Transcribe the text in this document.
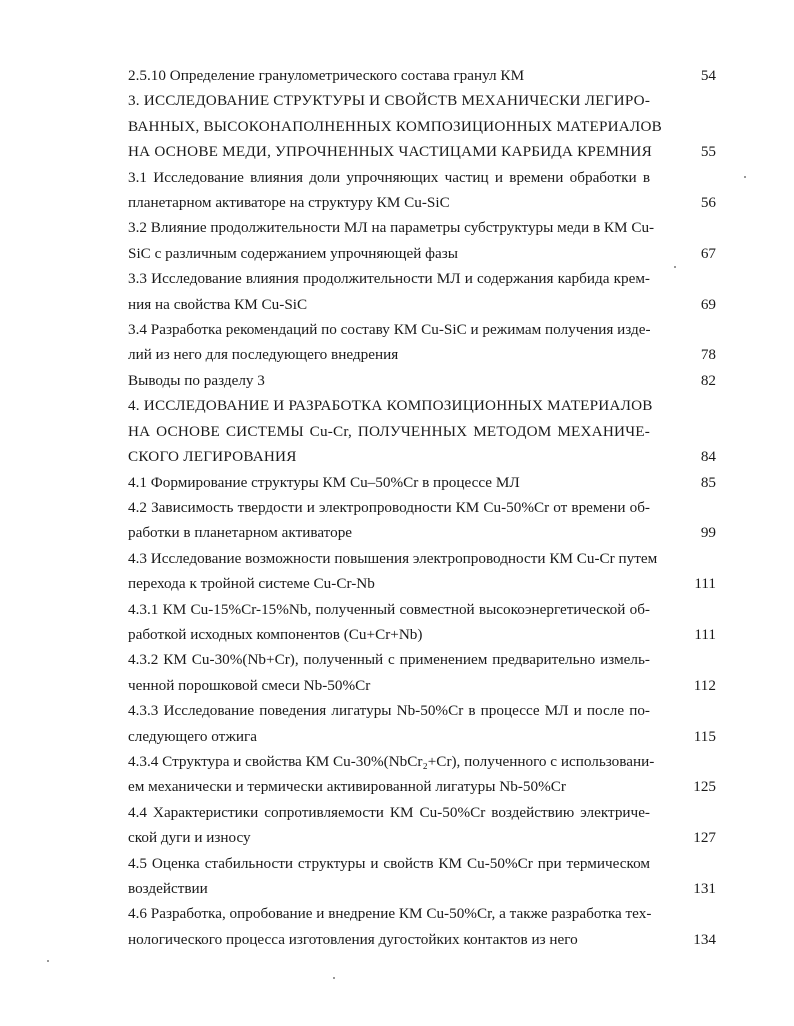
2.5.10 Определение гранулометрического состава гранул КМ	54
3. ИССЛЕДОВАНИЕ СТРУКТУРЫ И СВОЙСТВ МЕХАНИЧЕСКИ ЛЕГИРО-
ВАННЫХ, ВЫСОКОНАПОЛНЕННЫХ КОМПОЗИЦИОННЫХ МАТЕРИАЛОВ
НА ОСНОВЕ МЕДИ, УПРОЧНЕННЫХ ЧАСТИЦАМИ КАРБИДА КРЕМНИЯ	55
3.1 Исследование влияния доли упрочняющих частиц и времени обработки в
планетарном активаторе на структуру КМ Cu-SiC	56
3.2 Влияние продолжительности МЛ на параметры субструктуры меди в КМ Cu-
SiC с различным содержанием упрочняющей фазы	67
3.3 Исследование влияния продолжительности МЛ и содержания карбида крем-
ния на свойства КМ Cu-SiC	69
3.4 Разработка рекомендаций по составу КМ Cu-SiC и режимам получения изде-
лий из него для последующего внедрения	78
Выводы по разделу 3	82
4. ИССЛЕДОВАНИЕ И РАЗРАБОТКА КОМПОЗИЦИОННЫХ МАТЕРИАЛОВ
НА ОСНОВЕ СИСТЕМЫ Cu-Cr, ПОЛУЧЕННЫХ МЕТОДОМ МЕХАНИЧЕ-
СКОГО ЛЕГИРОВАНИЯ	84
4.1 Формирование структуры КМ Cu–50%Cr в процессе МЛ	85
4.2 Зависимость твердости и электропроводности КМ Cu-50%Cr от времени об-
работки в планетарном активаторе	99
4.3 Исследование возможности повышения электропроводности КМ Cu-Cr путем
перехода к тройной системе Cu-Cr-Nb	111
4.3.1 КМ Cu-15%Cr-15%Nb, полученный совместной высокоэнергетической об-
работкой исходных компонентов (Cu+Cr+Nb)	111
4.3.2 КМ Cu-30%(Nb+Cr), полученный с применением предварительно измель-
ченной порошковой смеси Nb-50%Cr	112
4.3.3 Исследование поведения лигатуры Nb-50%Cr в процессе МЛ и после по-
следующего отжига	115
4.3.4 Структура и свойства КМ Cu-30%(NbCr₂+Cr), полученного с использовани-
ем механически и термически активированной лигатуры Nb-50%Cr	125
4.4 Характеристики сопротивляемости КМ Cu-50%Cr воздействию электриче-
ской дуги и износу	127
4.5 Оценка стабильности структуры и свойств КМ Cu-50%Cr при термическом
воздействии	131
4.6 Разработка, опробование и внедрение КМ Cu-50%Cr, а также разработка тех-
нологического процесса изготовления дугостойких контактов из него	134
